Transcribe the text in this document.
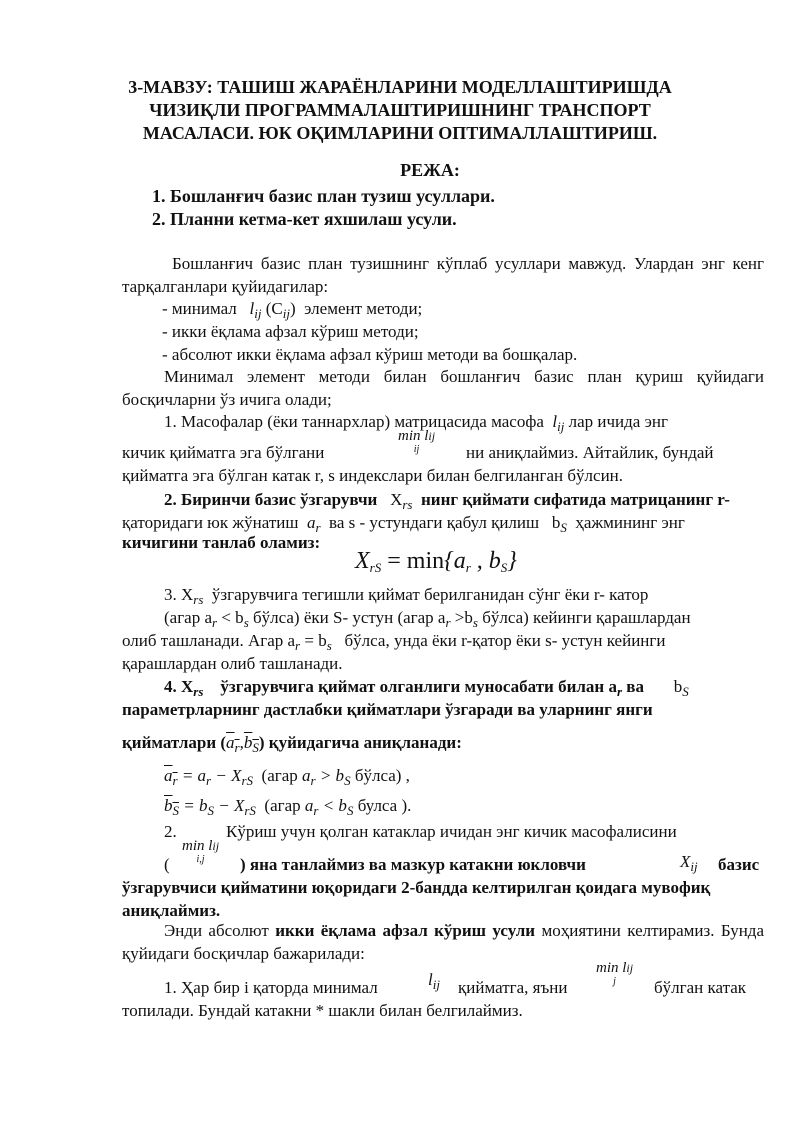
3-МАВЗУ: ТАШИШ ЖАРАЁНЛАРИНИ МОДЕЛЛАШТИРИШДА
ЧИЗИҚЛИ ПРОГРАММАЛАШТИРИШНИНГ ТРАНСПОРТ
МАСАЛАСИ. ЮК ОҚИМЛАРИНИ ОПТИМАЛЛАШТИРИШ.
РЕЖА:
1. Бошланғич базис план тузиш усуллари.
2. Планни кетма-кет яхшилаш усули.
Бошланғич базис план тузишнинг кўплаб усуллари мавжуд. Улардан энг кенг тарқалганлари қуйидагилар:
- минимал $l_{ij}$ $(C_{ij})$  элемент методи;
- икки ёқлама афзал кўриш методи;
- абсолют икки ёқлама афзал кўриш методи ва бошқалар.
Минимал элемент методи билан бошланғич базис план қуриш қуйидаги босқичларни ўз ичига олади;
1. Масофалар (ёки таннархлар) матрицасида масофа $l_{ij}$ лар ичида энг
кичик қийматга эга бўлгани
min lij
ij	ни аниқлаймиз. Айтайлик, бундай
қийматга эга бўлган катак r, s индекслари билан белгиланган бўлсин.
2. Биринчи базис ўзгарувчи   $X_{rs}$ нинг қиймати сифатида матрицанинг r-
қаторидаги юк жўнатиш $a_r$ ва s - устундаги қабул қилиш   $b_S$ ҳажмининг энг
кичигини танлаб оламиз:
$X_{rS} = \min\{a_r$ , $b_S$}
3. $X_{rs}$ ўзгарувчига тегишли қиймат берилганидан сўнг ёки r- катор
(агар $a_r < b_s$ бўлса) ёки S- устун (агар $a_r >b_s$ бўлса) кейинги қарашлардан
олиб ташланади. Агар $a_r = b_s$ бўлса, унда ёки r-қатор ёки s- устун кейинги
қарашлардан олиб ташланади.
4. $X_{rs}$ ўзгарувчига қиймат олганлиги муносабати билан $a_r$ ва $b_S$
параметрларнинг дастлабки қийматлари ўзгаради ва уларнинг янги
қийматлари $(a_r,b_S)$ қуйидагича аниқланади:
$a_r = a_r - X_{rS}$ (агар $a_r > b_S$ бўлса) ,
$b_S = b_S - X_{rS}$ (агар $a_r < b_S$ булса ).
2.	Кўриш учун қолган катаклар ичидан энг кичик масофалисини
(
min lij
i,j	) яна танлаймиз ва мазкур катакни юкловчи	$X_{ij}$ базис
ўзгарувчиси қийматини юқоридаги 2-бандда келтирилган қоидага мувофиқ
аниқлаймиз.
Энди абсолют икки ёқлама афзал кўриш усули моҳиятини келтирамиз. Бунда қуйидаги босқичлар бажарилади:
1. Ҳар бир i қаторда минимал	$l_{ij}$ қийматга, яъни
min lij
j	бўлган катак
топилади. Бундай катакни * шакли билан белгилаймиз.
